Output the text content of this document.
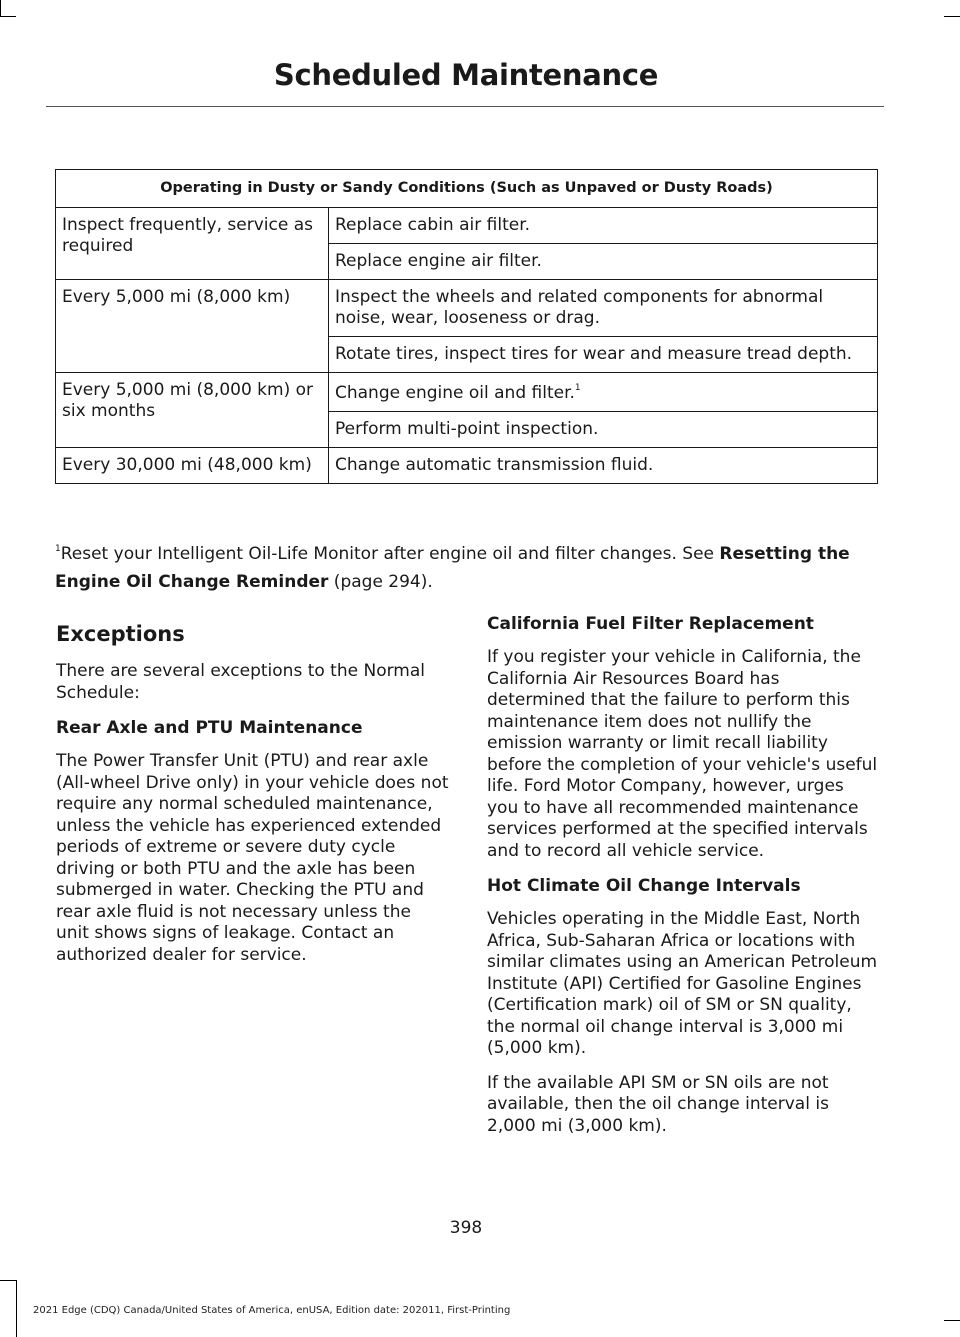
Scheduled Maintenance
Operating in Dusty or Sandy Conditions (Such as Unpaved or Dusty Roads)	
Inspect frequently, service as required	Replace cabin air filter.
	Replace engine air filter.
Every 5,000 mi (8,000 km)	Inspect the wheels and related components for abnormal noise, wear, looseness or drag.
	Rotate tires, inspect tires for wear and measure tread depth.
Every 5,000 mi (8,000 km) or six months	Change engine oil and filter.$^1$
	Perform multi-point inspection.
Every 30,000 mi (48,000 km)	Change automatic transmission fluid.
$^1$Reset your Intelligent Oil-Life Monitor after engine oil and filter changes. See Resetting the Engine Oil Change Reminder (page 294).
Exceptions

There are several exceptions to the Normal Schedule:

Rear Axle and PTU Maintenance

The Power Transfer Unit (PTU) and rear axle (All-wheel Drive only) in your vehicle does not require any normal scheduled maintenance, unless the vehicle has experienced extended periods of extreme or severe duty cycle driving or both PTU and the axle has been submerged in water. Checking the PTU and rear axle fluid is not necessary unless the unit shows signs of leakage. Contact an authorized dealer for service.

California Fuel Filter Replacement

If you register your vehicle in California, the California Air Resources Board has determined that the failure to perform this maintenance item does not nullify the emission warranty or limit recall liability before the completion of your vehicle's useful life. Ford Motor Company, however, urges you to have all recommended maintenance services performed at the specified intervals and to record all vehicle service.

Hot Climate Oil Change Intervals

Vehicles operating in the Middle East, North Africa, Sub-Saharan Africa or locations with similar climates using an American Petroleum Institute (API) Certified for Gasoline Engines (Certification mark) oil of SM or SN quality, the normal oil change interval is 3,000 mi (5,000 km).

If the available API SM or SN oils are not available, then the oil change interval is 2,000 mi (3,000 km).

398
2021 Edge (CDQ) Canada/United States of America, enUSA, Edition date: 202011, First-Printing
